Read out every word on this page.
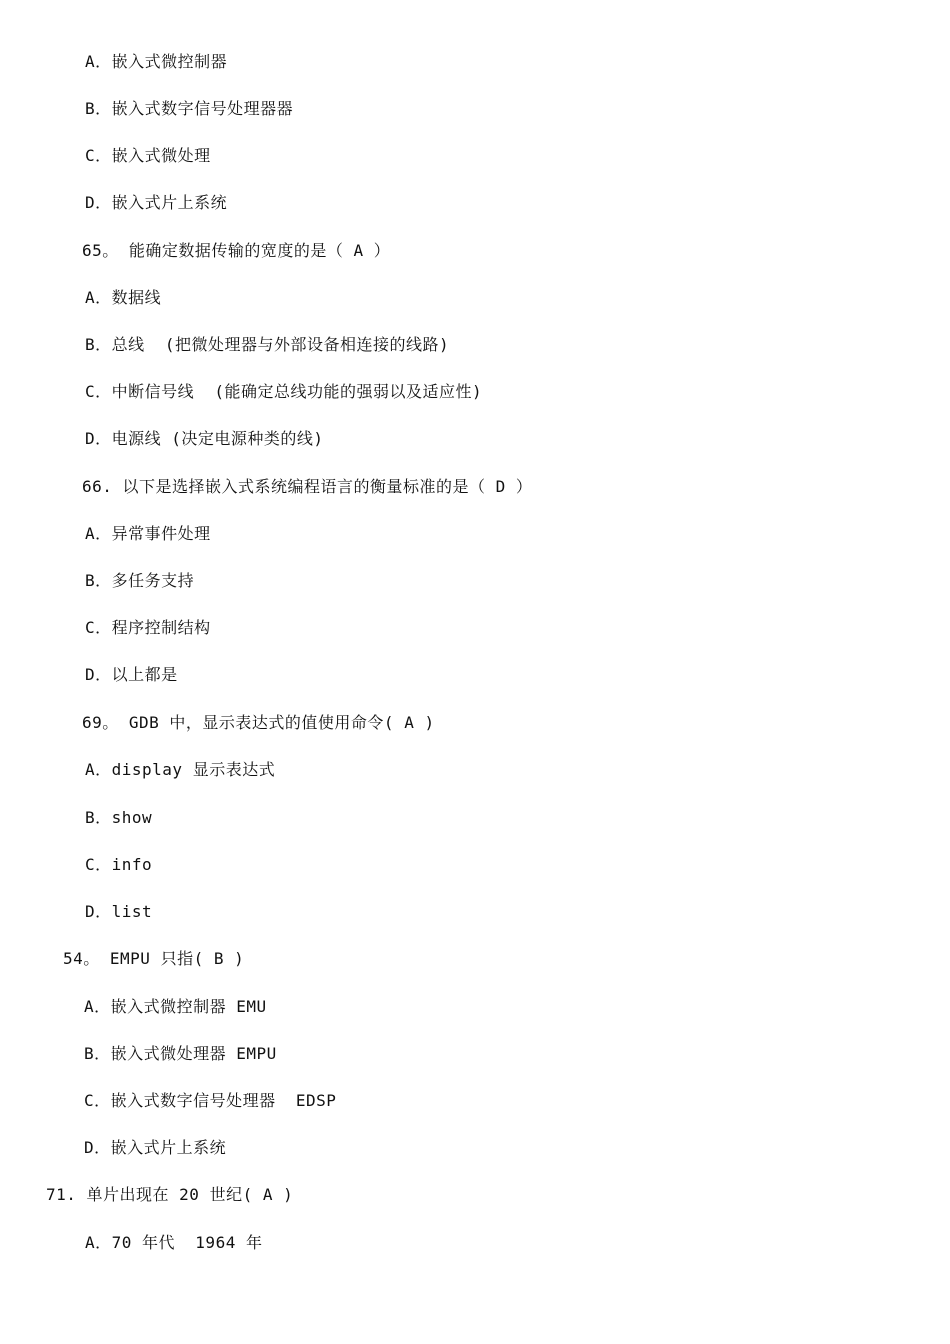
A．嵌入式微控制器
B．嵌入式数字信号处理器器
C．嵌入式微处理
D．嵌入式片上系统
65。 能确定数据传输的宽度的是（ A ）
A．数据线
B．总线  (把微处理器与外部设备相连接的线路)
C．中断信号线  (能确定总线功能的强弱以及适应性)
D．电源线 (决定电源种类的线)
66. 以下是选择嵌入式系统编程语言的衡量标准的是（ D ）
A．异常事件处理
B．多任务支持
C．程序控制结构
D．以上都是
69。 GDB 中，显示表达式的值使用命令( A )
A．display 显示表达式
B．show
C．info
D．list
54。 EMPU 只指( B )
A．嵌入式微控制器 EMU
B．嵌入式微处理器 EMPU
C．嵌入式数字信号处理器  EDSP
D．嵌入式片上系统
71. 单片出现在 20 世纪( A )
A．70 年代  1964 年
